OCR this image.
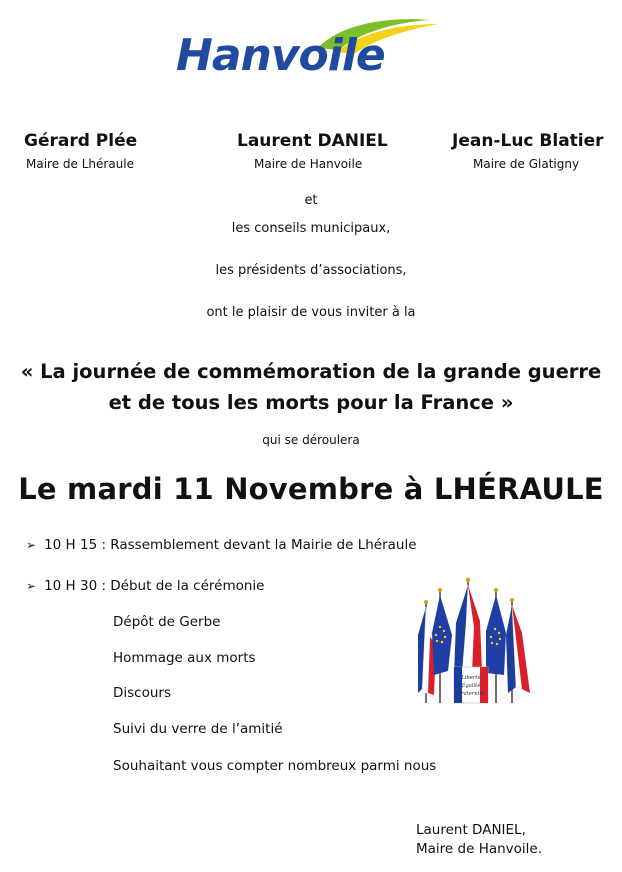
Hanvoile
Gérard Plée
Maire de Lhéraule
Laurent DANIEL
Maire de Hanvoile
Jean-Luc Blatier
Maire de Glatigny
et
les conseils municipaux,
les présidents d’associations,
ont le plaisir de vous inviter à la
« La journée de commémoration de la grande guerre
et de tous les morts pour la France »
qui se déroulera
Le mardi 11 Novembre à LHÉRAULE
➢ 10 H 15 : Rassemblement devant la Mairie de Lhéraule
➢ 10 H 30 : Début de la cérémonie
Dépôt de Gerbe
Hommage aux morts
Discours
Suivi du verre de l’amitié
Souhaitant vous compter nombreux parmi nous
Liberté
Égalité
Fraternité
Laurent DANIEL,
Maire de Hanvoile.
